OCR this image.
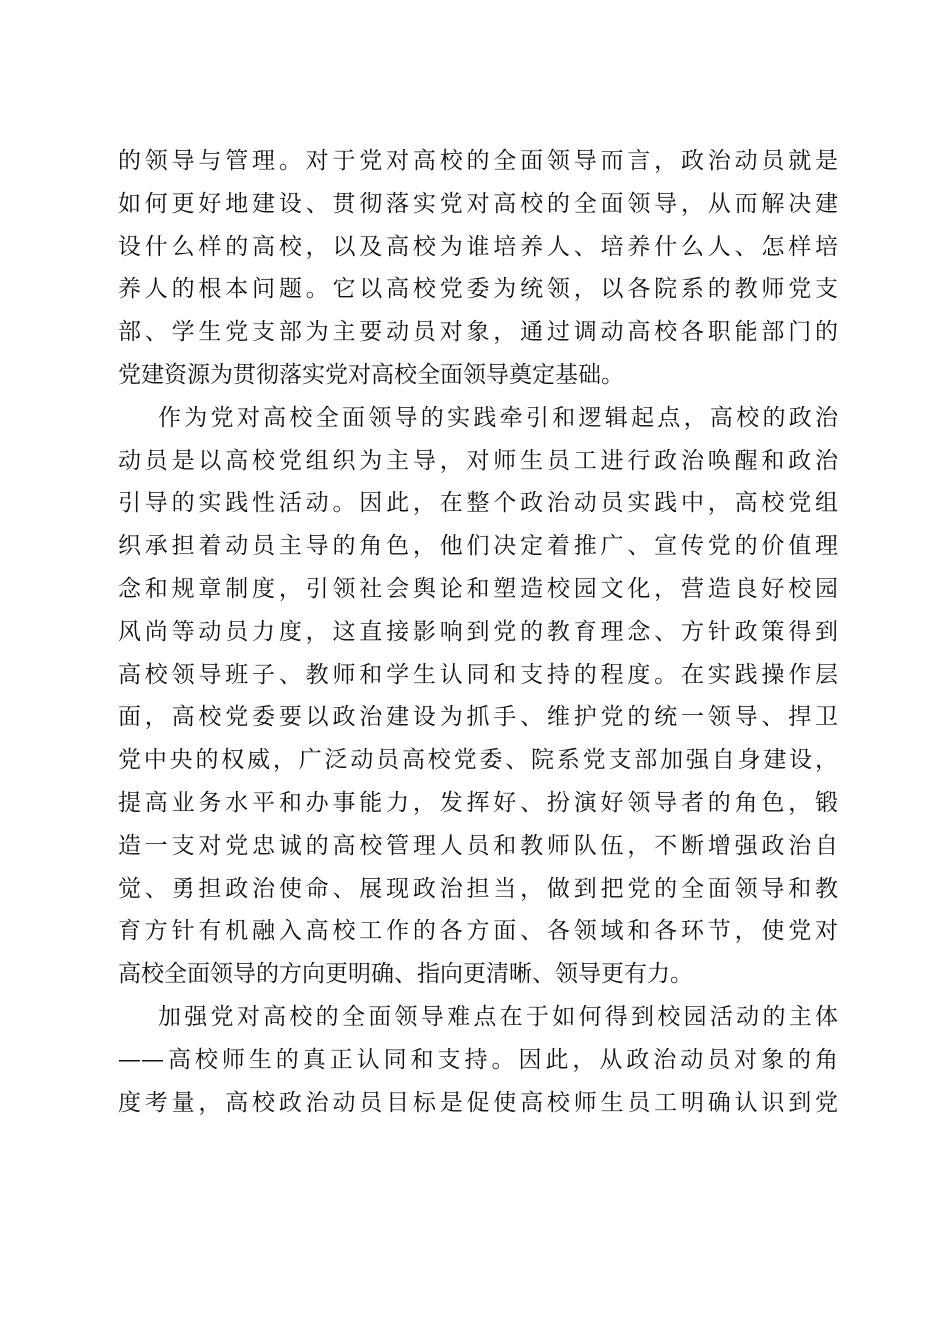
的领导与管理。对于党对高校的全面领导而言，政治动员就是
如何更好地建设、贯彻落实党对高校的全面领导，从而解决建
设什么样的高校，以及高校为谁培养人、培养什么人、怎样培
养人的根本问题。它以高校党委为统领，以各院系的教师党支
部、学生党支部为主要动员对象，通过调动高校各职能部门的
党建资源为贯彻落实党对高校全面领导奠定基础。
作为党对高校全面领导的实践牵引和逻辑起点，高校的政治
动员是以高校党组织为主导，对师生员工进行政治唤醒和政治
引导的实践性活动。因此，在整个政治动员实践中，高校党组
织承担着动员主导的角色，他们决定着推广、宣传党的价值理
念和规章制度，引领社会舆论和塑造校园文化，营造良好校园
风尚等动员力度，这直接影响到党的教育理念、方针政策得到
高校领导班子、教师和学生认同和支持的程度。在实践操作层
面，高校党委要以政治建设为抓手、维护党的统一领导、捍卫
党中央的权威，广泛动员高校党委、院系党支部加强自身建设，
提高业务水平和办事能力，发挥好、扮演好领导者的角色，锻
造一支对党忠诚的高校管理人员和教师队伍，不断增强政治自
觉、勇担政治使命、展现政治担当，做到把党的全面领导和教
育方针有机融入高校工作的各方面、各领域和各环节，使党对
高校全面领导的方向更明确、指向更清晰、领导更有力。
加强党对高校的全面领导难点在于如何得到校园活动的主体
——高校师生的真正认同和支持。因此，从政治动员对象的角
度考量，高校政治动员目标是促使高校师生员工明确认识到党
